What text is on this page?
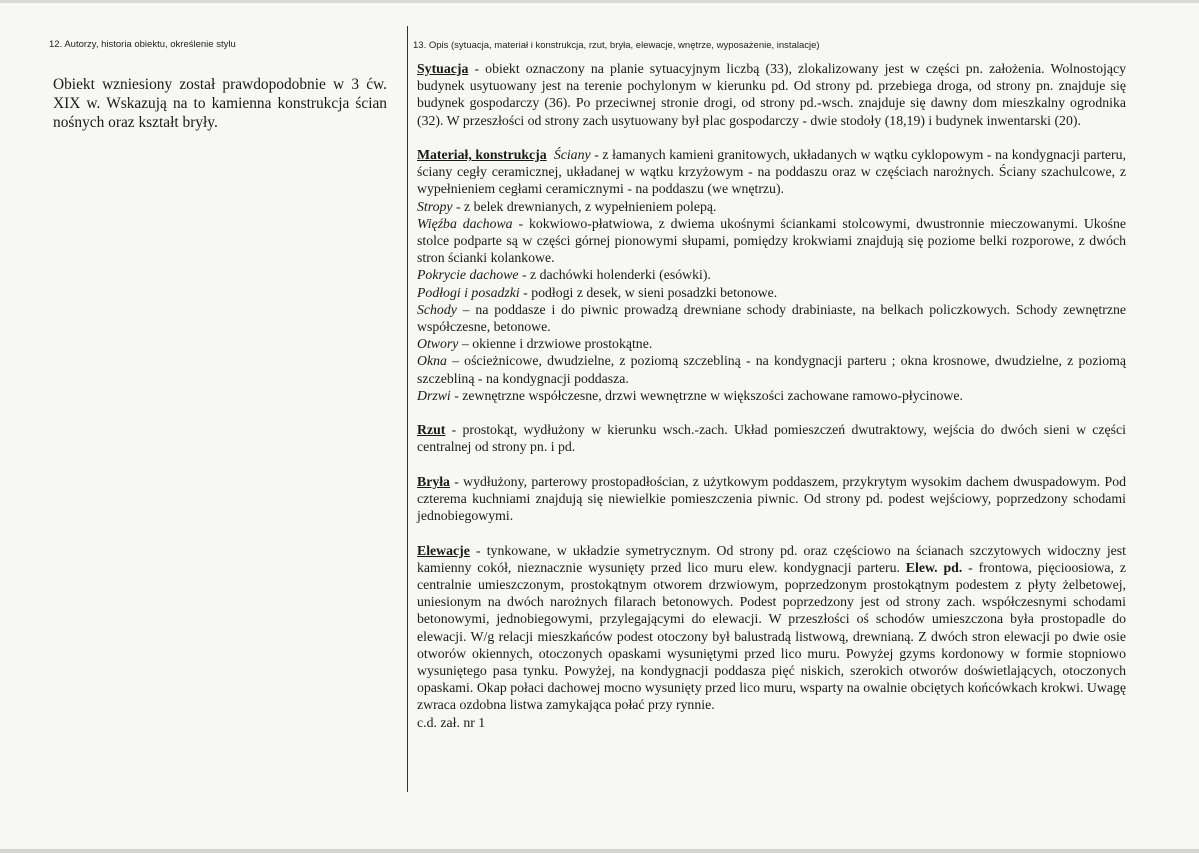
12. Autorzy, historia obiektu, określenie stylu
Obiekt wzniesiony został prawdopodobnie w 3 ćw. XIX w. Wskazują na to kamienna konstrukcja ścian nośnych oraz kształt bryły.
13. Opis (sytuacja, materiał i konstrukcja, rzut, bryła, elewacje, wnętrze, wyposażenie, instalacje)

Sytuacja - obiekt oznaczony na planie sytuacyjnym liczbą (33), zlokalizowany jest w części pn. założenia. Wolnostojący budynek usytuowany jest na terenie pochylonym w kierunku pd. Od strony pd. przebiega droga, od strony pn. znajduje się budynek gospodarczy (36). Po przeciwnej stronie drogi, od strony pd.-wsch. znajduje się dawny dom mieszkalny ogrodnika (32). W przeszłości od strony zach usytuowany był plac gospodarczy - dwie stodoły (18,19) i budynek inwentarski (20).

Materiał, konstrukcja Ściany - z łamanych kamieni granitowych, układanych w wątku cyklopowym - na kondygnacji parteru, ściany cegły ceramicznej, układanej w wątku krzyżowym - na poddaszu oraz w częściach narożnych. Ściany szachulcowe, z wypełnieniem cegłami ceramicznymi - na poddaszu (we wnętrzu).

Stropy - z belek drewnianych, z wypełnieniem polepą.

Więźba dachowa - kokwiowo-płatwiowa, z dwiema ukośnymi ściankami stolcowymi, dwustronnie mieczowanymi. Ukośne stolce podparte są w części górnej pionowymi słupami, pomiędzy krokwiami znajdują się poziome belki rozporowe, z dwóch stron ścianki kolankowe.

Pokrycie dachowe - z dachówki holenderki (esówki).

Podłogi i posadzki - podłogi z desek, w sieni posadzki betonowe.

Schody – na poddasze i do piwnic prowadzą drewniane schody drabiniaste, na belkach policzkowych. Schody zewnętrzne współczesne, betonowe.

Otwory – okienne i drzwiowe prostokątne.

Okna – ościeżnicowe, dwudzielne, z poziomą szczebliną - na kondygnacji parteru ; okna krosnowe, dwudzielne, z poziomą szczebliną - na kondygnacji poddasza.

Drzwi - zewnętrzne współczesne, drzwi wewnętrzne w większości zachowane ramowo-płycinowe.

Rzut - prostokąt, wydłużony w kierunku wsch.-zach. Układ pomieszczeń dwutraktowy, wejścia do dwóch sieni w części centralnej od strony pn. i pd.

Bryła - wydłużony, parterowy prostopadłościan, z użytkowym poddaszem, przykrytym wysokim dachem dwuspadowym. Pod czterema kuchniami znajdują się niewielkie pomieszczenia piwnic. Od strony pd. podest wejściowy, poprzedzony schodami jednobiegowymi.

Elewacje - tynkowane, w układzie symetrycznym. Od strony pd. oraz częściowo na ścianach szczytowych widoczny jest kamienny cokół, nieznacznie wysunięty przed lico muru elew. kondygnacji parteru. Elew. pd. - frontowa, pięcioosiowa, z centralnie umieszczonym, prostokątnym otworem drzwiowym, poprzedzonym prostokątnym podestem z płyty żelbetowej, uniesionym na dwóch narożnych filarach betonowych. Podest poprzedzony jest od strony zach. współczesnymi schodami betonowymi, jednobiegowymi, przylegającymi do elewacji. W przeszłości oś schodów umieszczona była prostopadle do elewacji. W/g relacji mieszkańców podest otoczony był balustradą listwową, drewnianą. Z dwóch stron elewacji po dwie osie otworów okiennych, otoczonych opaskami wysuniętymi przed lico muru. Powyżej gzyms kordonowy w formie stopniowo wysuniętego pasa tynku. Powyżej, na kondygnacji poddasza pięć niskich, szerokich otworów doświetlających, otoczonych opaskami. Okap połaci dachowej mocno wysunięty przed lico muru, wsparty na owalnie obciętych końcówkach krokwi. Uwagę zwraca ozdobna listwa zamykająca połać przy rynnie.

c.d. zał. nr 1
